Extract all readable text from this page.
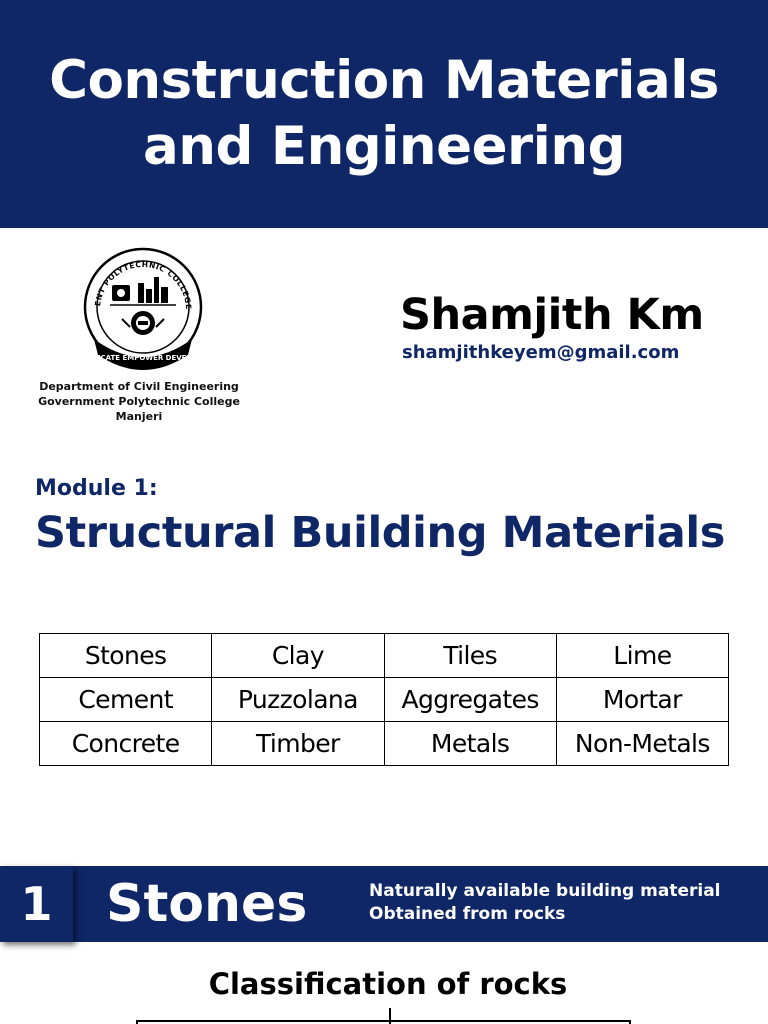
Construction Materials
and Engineering
ENT POLYTECHNIC COLLEGE
EDUCATE EMPOWER DEVELOP
Department of Civil Engineering
Government Polytechnic College Manjeri
Shamjith Km
shamjithkeyem@gmail.com
Module 1:
Structural Building Materials
Stones	Clay	Tiles	Lime
Cement	Puzzolana	Aggregates	Mortar
Concrete	Timber	Metals	Non-Metals
1	Stones	Naturally available building material
Obtained from rocks
Classification of rocks
